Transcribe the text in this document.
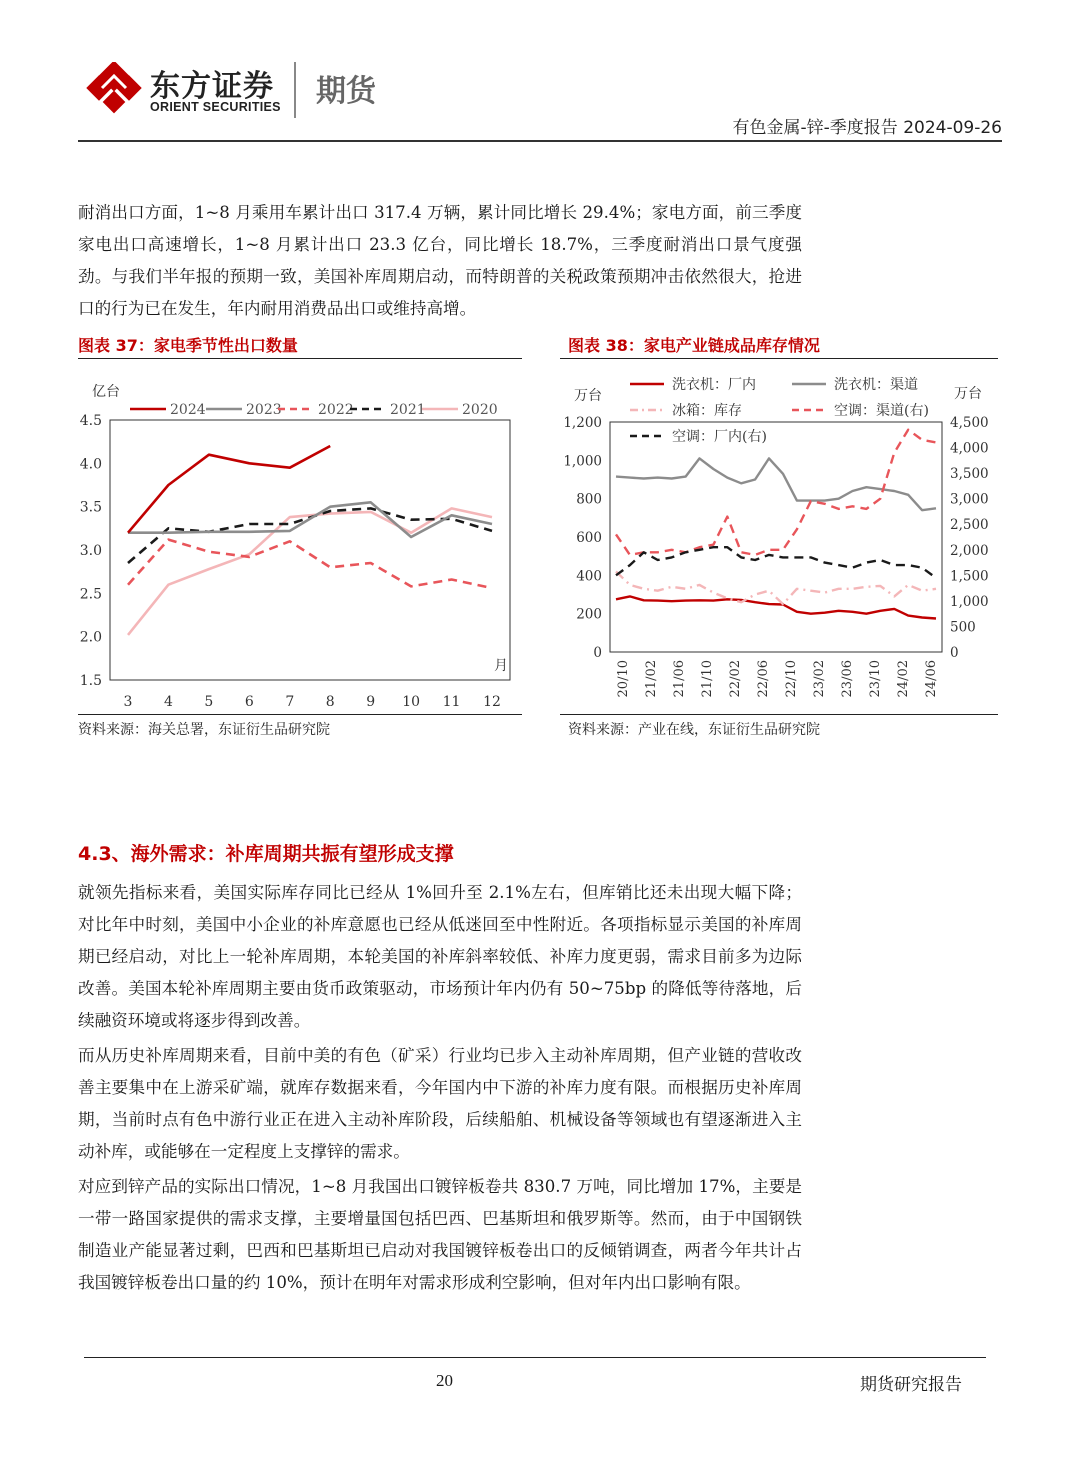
东方证券
ORIENT SECURITIES 期货
有色金属-锌-季度报告 2024-09-26
耐消出口方面，1~8 月乘用车累计出口 317.4 万辆，累计同比增长 29.4%；家电方面，前三季度家电出口高速增长，1~8 月累计出口 23.3 亿台，同比增长 18.7%，三季度耐消出口景气度强劲。与我们半年报的预期一致，美国补库周期启动，而特朗普的关税政策预期冲击依然很大，抢进口的行为已在发生，年内耐用消费品出口或维持高增。
图表 37：家电季节性出口数量
亿台
月
1.5
2.0
2.5
3.0
3.5
4.0
4.5
3 4 5 6 7 8 9 10 11 12
2024	2023	2022	2021	2020
资料来源：海关总署，东证衍生品研究院
图表 38：家电产业链成品库存情况
万台	万台
0
200
400
600
800
1,000
1,200
0
500
1,000
1,500
2,000
2,500
3,000
3,500
4,000
4,500
20/10 21/02 21/06 21/10 22/02 22/06 22/10 23/02 23/06 23/10 24/02 24/06
洗衣机：厂内	洗衣机：渠道
冰箱：库存	空调：渠道(右)
空调：厂内(右)
资料来源：产业在线，东证衍生品研究院
4.3、海外需求：补库周期共振有望形成支撑
就领先指标来看，美国实际库存同比已经从 1%回升至 2.1%左右，但库销比还未出现大幅下降；对比年中时刻，美国中小企业的补库意愿也已经从低迷回至中性附近。各项指标显示美国的补库周期已经启动，对比上一轮补库周期，本轮美国的补库斜率较低、补库力度更弱，需求目前多为边际改善。美国本轮补库周期主要由货币政策驱动，市场预计年内仍有 50~75bp 的降低等待落地，后续融资环境或将逐步得到改善。
而从历史补库周期来看，目前中美的有色（矿采）行业均已步入主动补库周期，但产业链的营收改善主要集中在上游采矿端，就库存数据来看，今年国内中下游的补库力度有限。而根据历史补库周期，当前时点有色中游行业正在进入主动补库阶段，后续船舶、机械设备等领域也有望逐渐进入主动补库，或能够在一定程度上支撑锌的需求。
对应到锌产品的实际出口情况，1~8 月我国出口镀锌板卷共 830.7 万吨，同比增加 17%，主要是一带一路国家提供的需求支撑，主要增量国包括巴西、巴基斯坦和俄罗斯等。然而，由于中国钢铁制造业产能显著过剩，巴西和巴基斯坦已启动对我国镀锌板卷出口的反倾销调查，两者今年共计占我国镀锌板卷出口量的约 10%，预计在明年对需求形成利空影响，但对年内出口影响有限。
20	期货研究报告
